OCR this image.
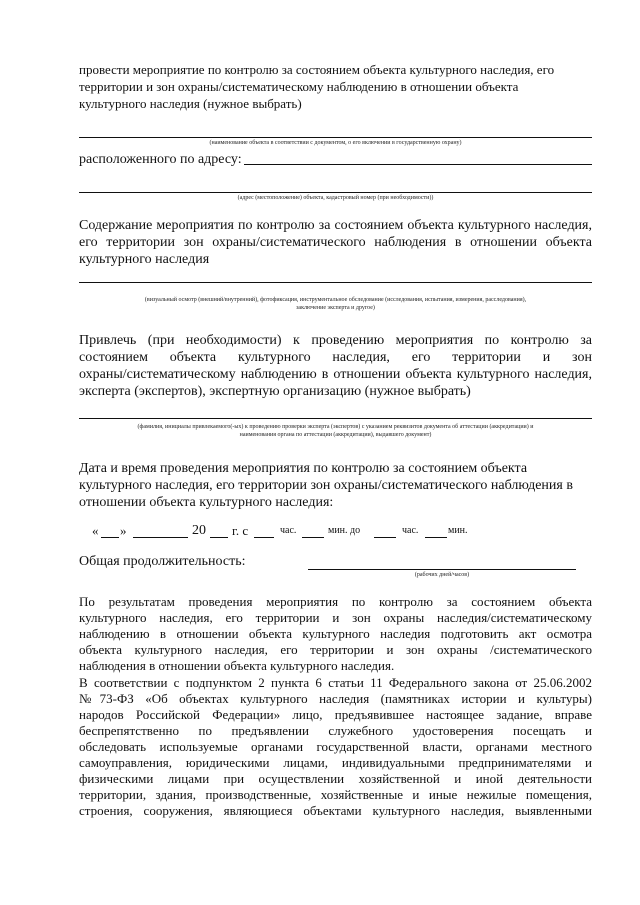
провести мероприятие по контролю за состоянием объекта культурного наследия, его
территории и зон охраны/систематическому наблюдению в отношении объекта
культурного наследия (нужное выбрать)
(наименование объекта в соответствии с документом, о его включении в государственную охрану)
расположенного по адресу:
(адрес (местоположение) объекта, кадастровый номер (при необходимости))
Содержание мероприятия по контролю за состоянием объекта культурного наследия,
его территории зон охраны/систематического наблюдения в отношении объекта
культурного наследия
(визуальный осмотр (внешний/внутренний), фотофиксация, инструментальное обследование (исследования, испытания, измерения, расследования),
заключение эксперта и другое)
Привлечь (при необходимости) к проведению мероприятия по контролю за
состоянием объекта культурного наследия, его территории и зон
охраны/систематическому наблюдению в отношении объекта культурного наследия,
эксперта (экспертов), экспертную организацию (нужное выбрать)
(фамилия, инициалы привлекаемого(-ых) к проведению проверки эксперта (экспертов) с указанием реквизитов документа об аттестации (аккредитации) и
наименования органа по аттестации (аккредитации), выдавшего документ)
Дата и время проведения мероприятия по контролю за состоянием объекта
культурного наследия, его территории зон охраны/систематического наблюдения в
отношении объекта культурного наследия:
« »	20 г. с	час.	мин. до	час.	мин.
Общая продолжительность:
(рабочих дней/часов)
По результатам проведения мероприятия по контролю за состоянием объекта
культурного наследия, его территории и зон охраны наследия/систематическому
наблюдению в отношении объекта культурного наследия подготовить акт осмотра
объекта культурного наследия, его территории и зон охраны /систематического
наблюдения в отношении объекта культурного наследия.
В соответствии с подпунктом 2 пункта 6 статьи 11 Федерального закона от 25.06.2002
№73-ФЗ «Об объектах культурного наследия (памятниках истории и культуры)
народов Российской Федерации» лицо, предъявившее настоящее задание, вправе
беспрепятственно по предъявлении служебного удостоверения посещать и
обследовать используемые органами государственной власти, органами местного
самоуправления, юридическими лицами, индивидуальными предпринимателями и
физическими лицами при осуществлении хозяйственной и иной деятельности
территории, здания, производственные, хозяйственные и иные нежилые помещения,
строения, сооружения, являющиеся объектами культурного наследия, выявленными
